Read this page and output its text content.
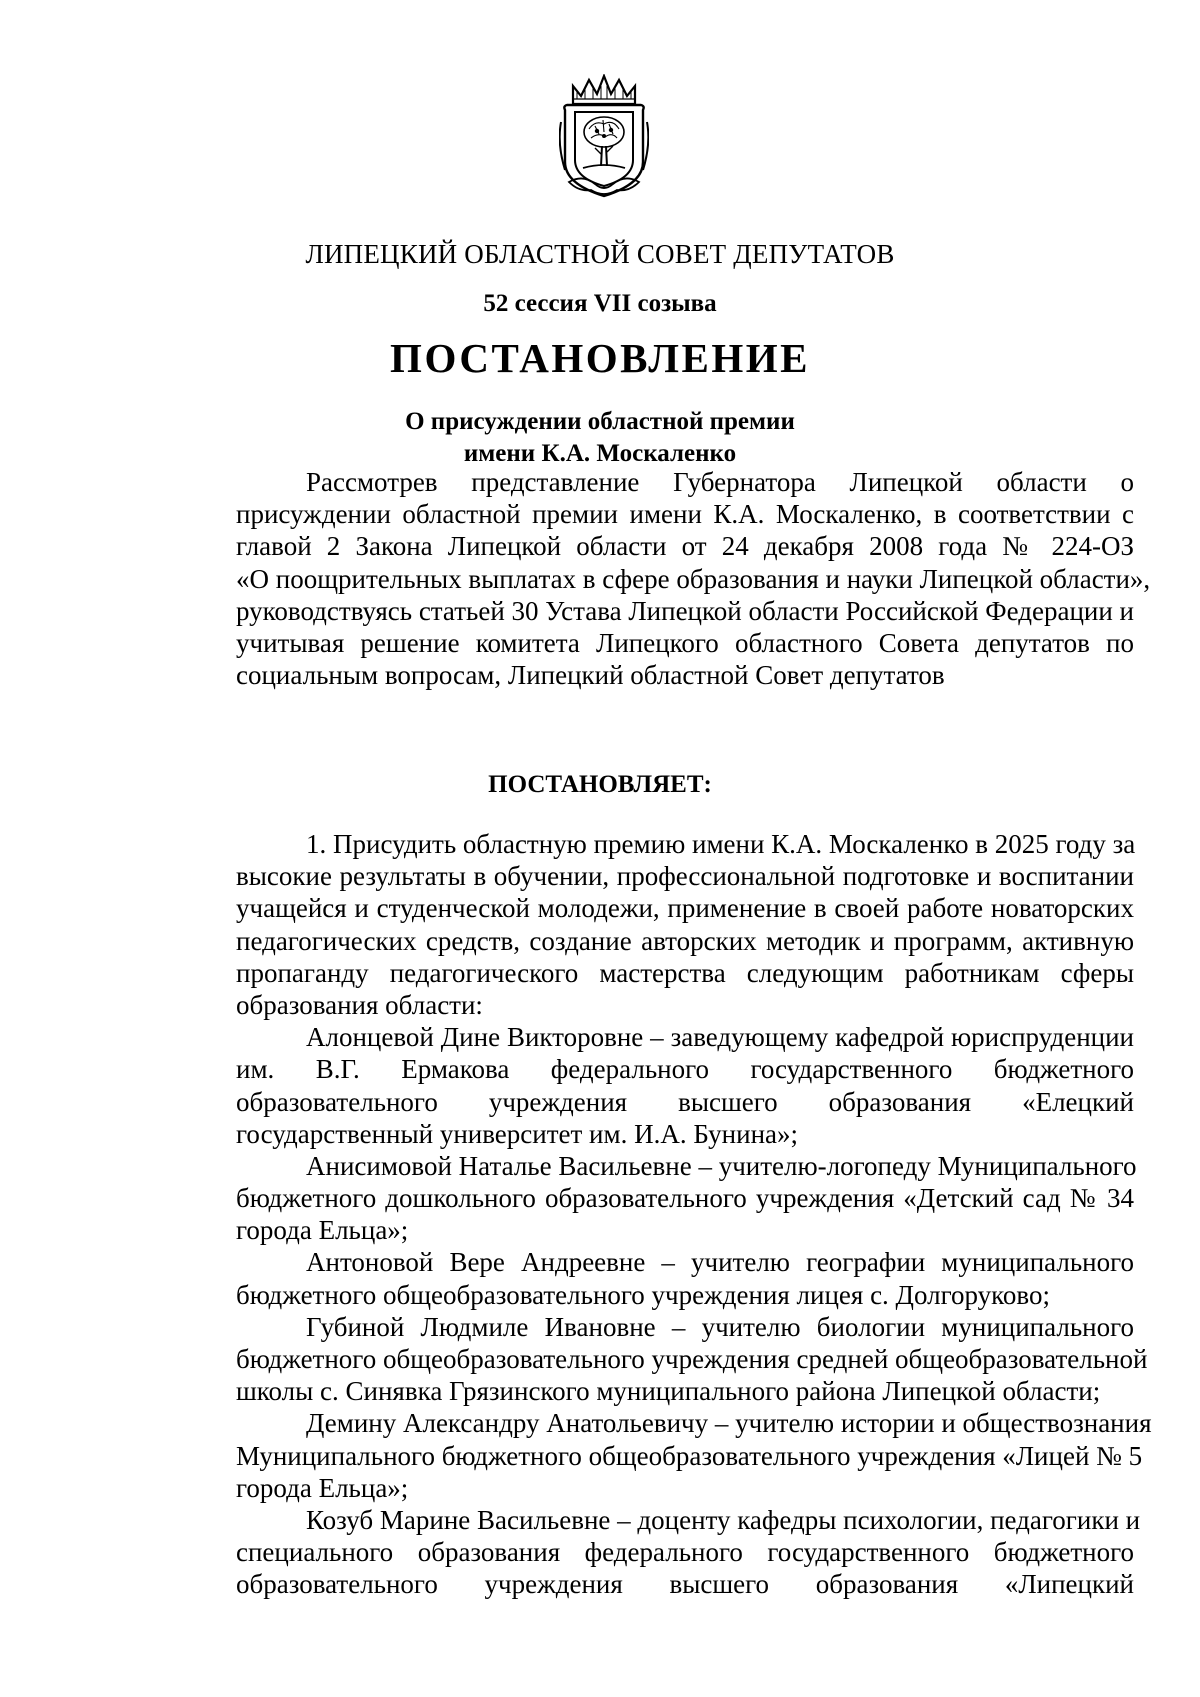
ЛИПЕЦКИЙ ОБЛАСТНОЙ СОВЕТ ДЕПУТАТОВ
52 сессия VII созыва
ПОСТАНОВЛЕНИЕ
О присуждении областной премии
имени К.А. Москаленко
Рассмотрев представление Губернатора Липецкой области о
присуждении областной премии имени К.А. Москаленко, в соответствии с
главой 2 Закона Липецкой области от 24 декабря 2008 года № 224-ОЗ
«О поощрительных выплатах в сфере образования и науки Липецкой области»,
руководствуясь статьей 30 Устава Липецкой области Российской Федерации и
учитывая решение комитета Липецкого областного Совета депутатов по
социальным вопросам, Липецкий областной Совет депутатов
ПОСТАНОВЛЯЕТ:
1. Присудить областную премию имени К.А. Москаленко в 2025 году за
высокие результаты в обучении, профессиональной подготовке и воспитании
учащейся и студенческой молодежи, применение в своей работе новаторских
педагогических средств, создание авторских методик и программ, активную
пропаганду педагогического мастерства следующим работникам сферы
образования области:
Алонцевой Дине Викторовне – заведующему кафедрой юриспруденции
им. В.Г. Ермакова федерального государственного бюджетного
образовательного учреждения высшего образования «Елецкий
государственный университет им. И.А. Бунина»;
Анисимовой Наталье Васильевне – учителю-логопеду Муниципального
бюджетного дошкольного образовательного учреждения «Детский сад № 34
города Ельца»;
Антоновой Вере Андреевне – учителю географии муниципального
бюджетного общеобразовательного учреждения лицея с. Долгоруково;
Губиной Людмиле Ивановне – учителю биологии муниципального
бюджетного общеобразовательного учреждения средней общеобразовательной
школы с. Синявка Грязинского муниципального района Липецкой области;
Демину Александру Анатольевичу – учителю истории и обществознания
Муниципального бюджетного общеобразовательного учреждения «Лицей № 5
города Ельца»;
Козуб Марине Васильевне – доценту кафедры психологии, педагогики и
специального образования федерального государственного бюджетного
образовательного учреждения высшего образования «Липецкий
